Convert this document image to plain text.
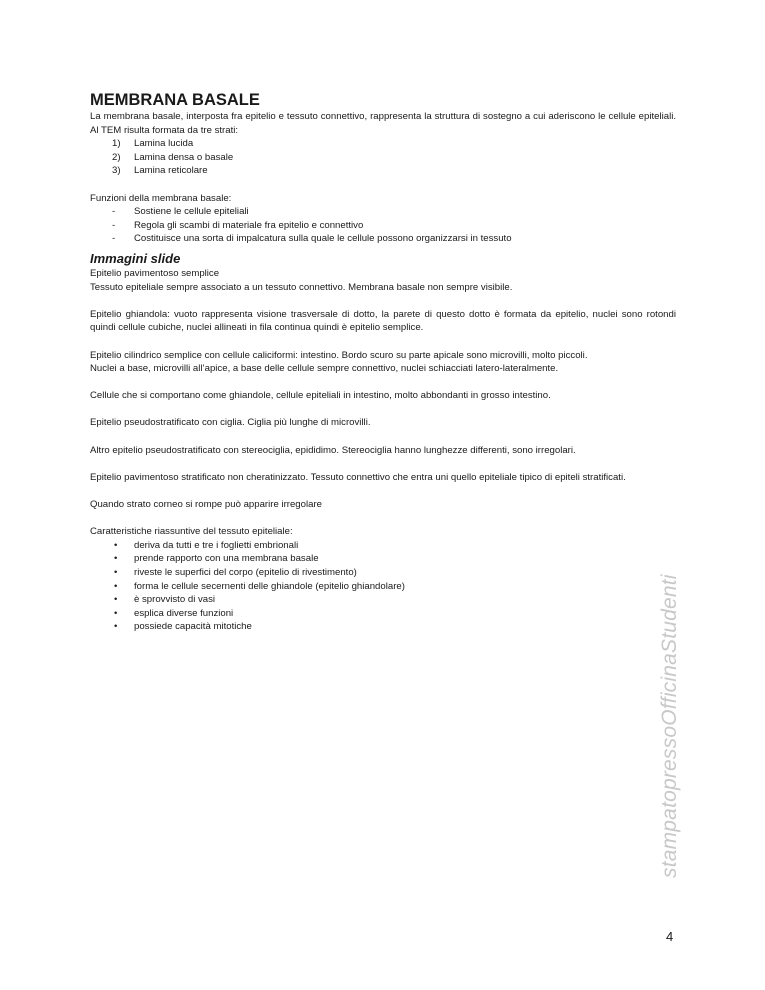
MEMBRANA BASALE

La membrana basale, interposta fra epitelio e tessuto connettivo, rappresenta la struttura di sostegno a cui aderiscono le cellule epiteliali. Al TEM risulta formata da tre strati:

1) Lamina lucida
2) Lamina densa o basale
3) Lamina reticolare

Funzioni della membrana basale:

- Sostiene le cellule epiteliali
- Regola gli scambi di materiale fra epitelio e connettivo
- Costituisce una sorta di impalcatura sulla quale le cellule possono organizzarsi in tessuto
Immagini slide

Epitelio pavimentoso semplice

Tessuto epiteliale sempre associato a un tessuto connettivo. Membrana basale non sempre visibile.

Epitelio ghiandola: vuoto rappresenta visione trasversale di dotto, la parete di questo dotto è formata da epitelio, nuclei sono rotondi quindi cellule cubiche, nuclei allineati in fila continua quindi è epitelio semplice.

Epitelio cilindrico semplice con cellule caliciformi: intestino. Bordo scuro su parte apicale sono microvilli, molto piccoli.

Nuclei a base, microvilli all’apice, a base delle cellule sempre connettivo, nuclei schiacciati latero-lateralmente.

Cellule che si comportano come ghiandole, cellule epiteliali in intestino, molto abbondanti in grosso intestino.

Epitelio pseudostratificato con ciglia. Ciglia più lunghe di microvilli.

Altro epitelio pseudostratificato con stereociglia, epididimo. Stereociglia hanno lunghezze differenti, sono irregolari.

Epitelio pavimentoso stratificato non cheratinizzato. Tessuto connettivo che entra uni quello epiteliale tipico di epiteli stratificati.

Quando strato corneo si rompe può apparire irregolare

Caratteristiche riassuntive del tessuto epiteliale:

• deriva da tutti e tre i foglietti embrionali
• prende rapporto con una membrana basale
• riveste le superfici del corpo (epitelio di rivestimento)
• forma le cellule secernenti delle ghiandole (epitelio ghiandolare)
• è sprovvisto di vasi
• esplica diverse funzioni
• possiede capacità mitotiche	stampatopressoOfficinaStudenti
4
